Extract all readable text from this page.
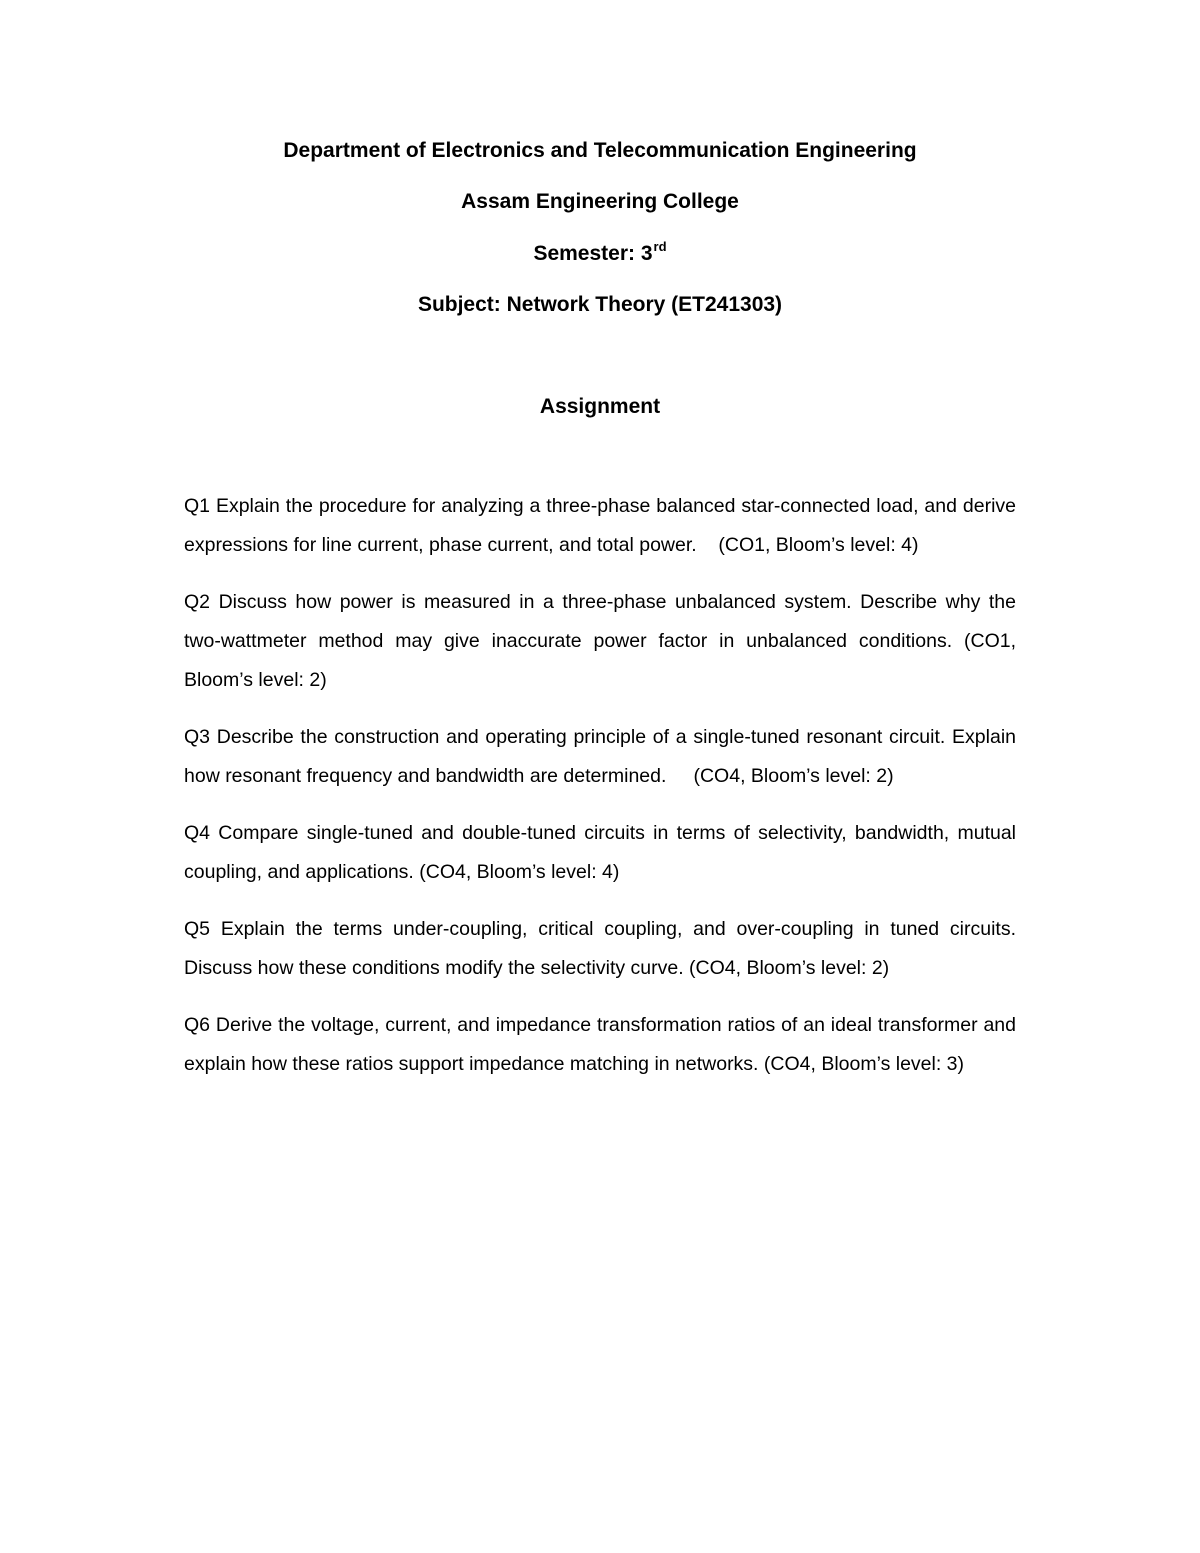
Department of Electronics and Telecommunication Engineering
Assam Engineering College
Semester: 3rd
Subject: Network Theory (ET241303)
Assignment
Q1 Explain the procedure for analyzing a three-phase balanced star-connected load, and derive expressions for line current, phase current, and total power.    (CO1, Bloom’s level: 4)
Q2 Discuss how power is measured in a three-phase unbalanced system. Describe why the two-wattmeter method may give inaccurate power factor in unbalanced conditions. (CO1, Bloom’s level: 2)
Q3 Describe the construction and operating principle of a single-tuned resonant circuit. Explain how resonant frequency and bandwidth are determined.     (CO4, Bloom’s level: 2)
Q4 Compare single-tuned and double-tuned circuits in terms of selectivity, bandwidth, mutual coupling, and applications. (CO4, Bloom’s level: 4)
Q5 Explain the terms under-coupling, critical coupling, and over-coupling in tuned circuits. Discuss how these conditions modify the selectivity curve. (CO4, Bloom’s level: 2)
Q6 Derive the voltage, current, and impedance transformation ratios of an ideal transformer and explain how these ratios support impedance matching in networks. (CO4, Bloom’s level: 3)
